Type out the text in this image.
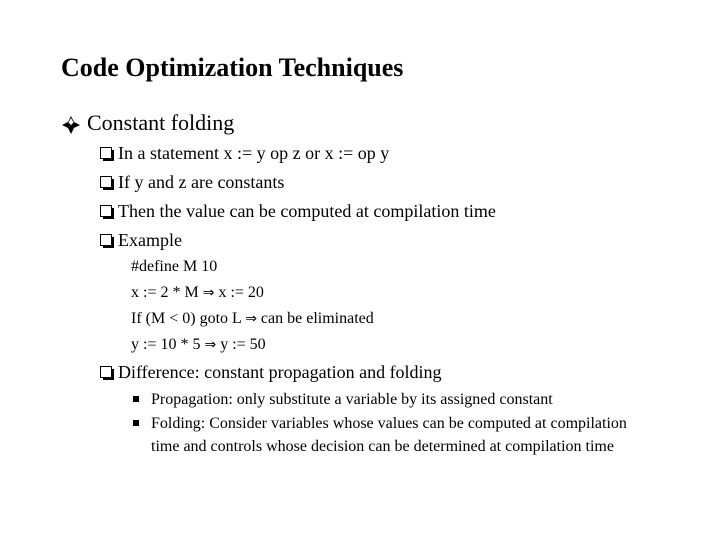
Code Optimization Techniques
Constant folding
In a statement x := y op z or x := op y
If y and z are constants
Then the value can be computed at compilation time
Example
#define M 10
x := 2 * M ⇒ x := 20
If (M < 0) goto L ⇒ can be eliminated
y := 10 * 5 ⇒ y := 50
Difference: constant propagation and folding
Propagation: only substitute a variable by its assigned constant
Folding: Consider variables whose values can be computed at compilation time and controls whose decision can be determined at compilation time
